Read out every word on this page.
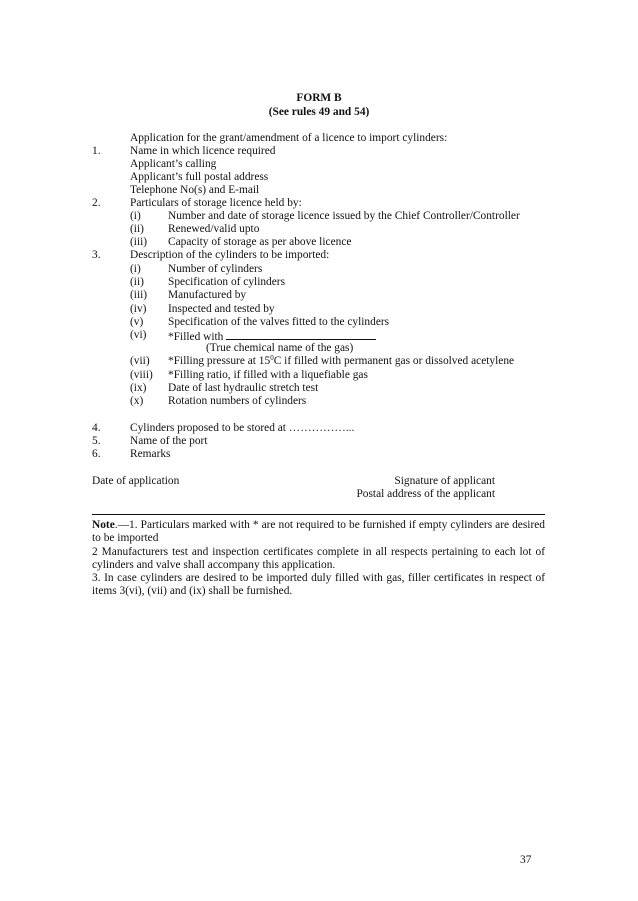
FORM B
(See rules 49 and 54)
Application for the grant/amendment of a licence to import cylinders:
1.	Name in which licence required
Applicant’s calling
Applicant’s full postal address
Telephone No(s) and E-mail
2.	Particulars of storage licence held by:
(i) Number and date of storage licence issued by the Chief Controller/Controller
(ii) Renewed/valid upto
(iii) Capacity of storage as per above licence
3.	Description of the cylinders to be imported:
(i) Number of cylinders
(ii) Specification of cylinders
(iii) Manufactured by
(iv) Inspected and tested by
(v) Specification of the valves fitted to the cylinders
(vi) *Filled with
(True chemical name of the gas)
(vii) *Filling pressure at $15^0C$ if filled with permanent gas or dissolved acetylene
(viii) *Filling ratio, if filled with a liquefiable gas
(ix) Date of last hydraulic stretch test
(x) Rotation numbers of cylinders
4.	Cylinders proposed to be stored at ……………...
5.	Name of the port
6.	Remarks
Date of application	Signature of applicant
Postal address of the applicant

Note.—1. Particulars marked with * are not required to be furnished if empty cylinders are desired to be imported

2 Manufacturers test and inspection certificates complete in all respects pertaining to each lot of cylinders and valve shall accompany this application.

3. In case cylinders are desired to be imported duly filled with gas, filler certificates in respect of items 3(vi), (vii) and (ix) shall be furnished.

37
